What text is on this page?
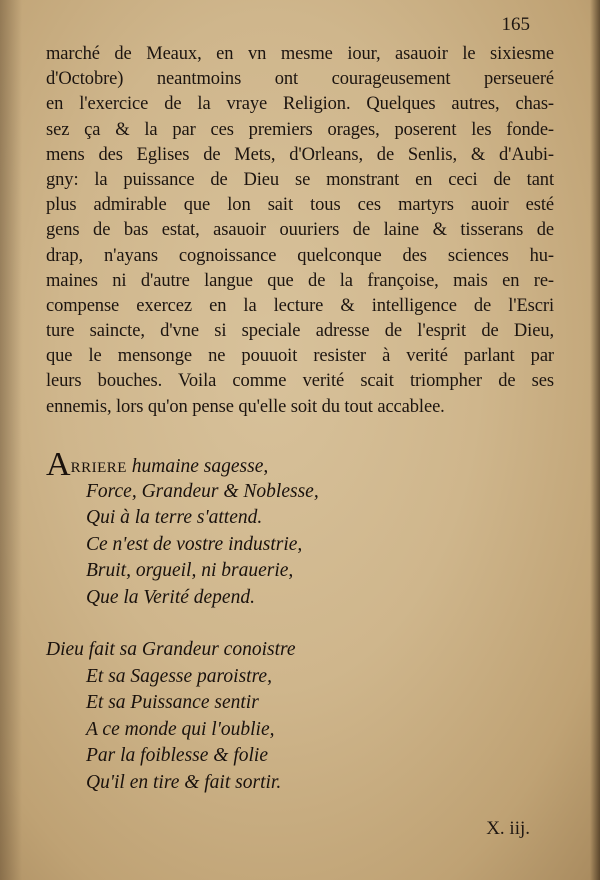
165
marché de Meaux, en vn mesme iour, asauoir le sixiesme
d'Octobre) neantmoins ont courageusement perseueré
en l'exercice de la vraye Religion. Quelques autres, chas-
sez ça & la par ces premiers orages, poserent les fonde-
mens des Eglises de Mets, d'Orleans, de Senlis, & d'Aubi-
gny: la puissance de Dieu se monstrant en ceci de tant
plus admirable que lon sait tous ces martyrs auoir esté
gens de bas estat, asauoir ouuriers de laine & tisserans de
drap, n'ayans cognoissance quelconque des sciences hu-
maines ni d'autre langue que de la françoise, mais en re-
compense exercez en la lecture & intelligence de l'Escri
ture saincte, d'vne si speciale adresse de l'esprit de Dieu,
que le mensonge ne pouuoit resister à verité parlant par
leurs bouches. Voila comme verité scait triompher de ses
ennemis, lors qu'on pense qu'elle soit du tout accablee.
ARRIERE humaine sagesse,
Force, Grandeur & Noblesse,
Qui à la terre s'attend.
Ce n'est de vostre industrie,
Bruit, orgueil, ni brauerie,
Que la Verité depend.
Dieu fait sa Grandeur conoistre
Et sa Sagesse paroistre,
Et sa Puissance sentir
A ce monde qui l'oublie,
Par la foiblesse & folie
Qu'il en tire & fait sortir.
X. iij.
